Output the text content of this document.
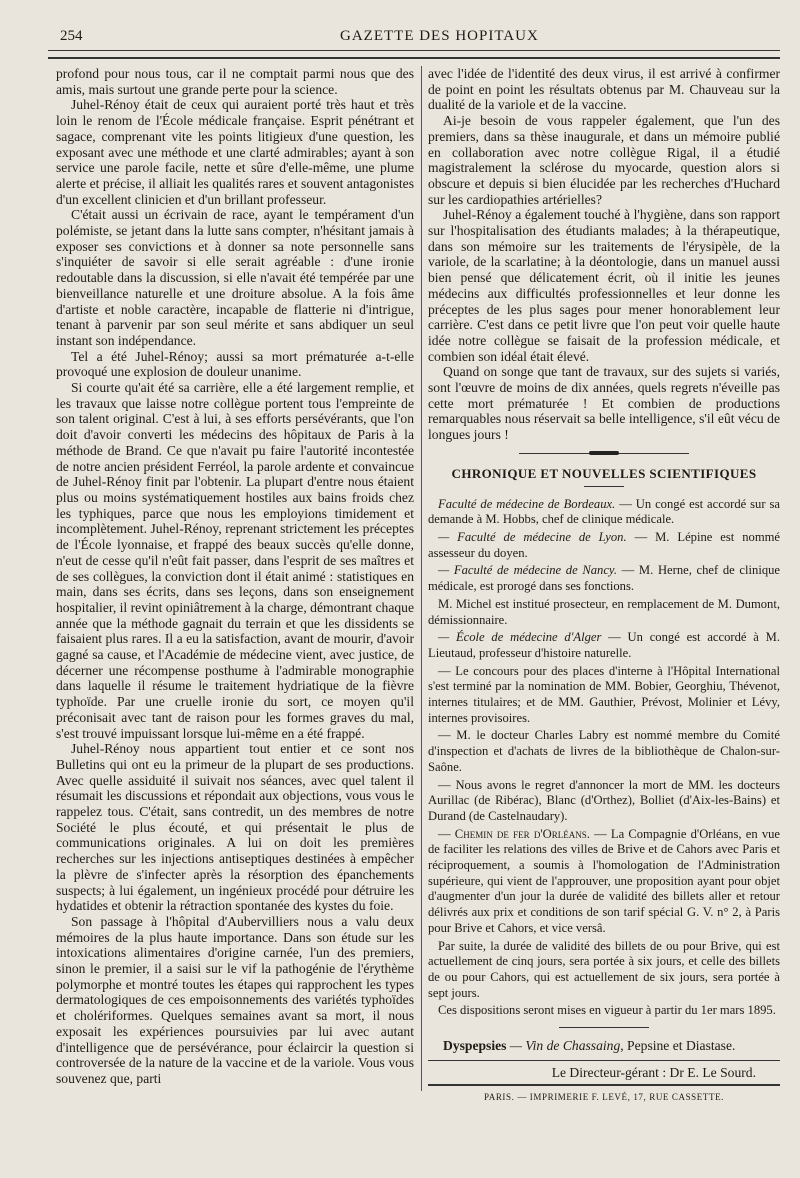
254	GAZETTE DES HOPITAUX

profond pour nous tous, car il ne comptait parmi nous que des amis, mais surtout une grande perte pour la science.

Juhel-Rénoy était de ceux qui auraient porté très haut et très loin le renom de l'École médicale française. Esprit pénétrant et sagace, comprenant vite les points litigieux d'une question, les exposant avec une méthode et une clarté admirables; ayant à son service une parole facile, nette et sûre d'elle-même, une plume alerte et précise, il alliait les qualités rares et souvent antagonistes d'un excellent clinicien et d'un brillant professeur.

C'était aussi un écrivain de race, ayant le tempérament d'un polémiste, se jetant dans la lutte sans compter, n'hésitant jamais à exposer ses convictions et à donner sa note personnelle sans s'inquiéter de savoir si elle serait agréable : d'une ironie redoutable dans la discussion, si elle n'avait été tempérée par une bienveillance naturelle et une droiture absolue. A la fois âme d'artiste et noble caractère, incapable de flatterie ni d'intrigue, tenant à parvenir par son seul mérite et sans abdiquer un seul instant son indépendance.

Tel a été Juhel-Rénoy; aussi sa mort prématurée a-t-elle provoqué une explosion de douleur unanime.

Si courte qu'ait été sa carrière, elle a été largement remplie, et les travaux que laisse notre collègue portent tous l'empreinte de son talent original. C'est à lui, à ses efforts persévérants, que l'on doit d'avoir converti les médecins des hôpitaux de Paris à la méthode de Brand. Ce que n'avait pu faire l'autorité incontestée de notre ancien président Ferréol, la parole ardente et convaincue de Juhel-Rénoy finit par l'obtenir. La plupart d'entre nous étaient plus ou moins systématiquement hostiles aux bains froids chez les typhiques, parce que nous les employions timidement et incomplètement. Juhel-Rénoy, reprenant strictement les préceptes de l'École lyonnaise, et frappé des beaux succès qu'elle donne, n'eut de cesse qu'il n'eût fait passer, dans l'esprit de ses maîtres et de ses collègues, la conviction dont il était animé : statistiques en main, dans ses écrits, dans ses leçons, dans son enseignement hospitalier, il revint opiniâtrement à la charge, démontrant chaque année que la méthode gagnait du terrain et que les dissidents se faisaient plus rares. Il a eu la satisfaction, avant de mourir, d'avoir gagné sa cause, et l'Académie de médecine vient, avec justice, de décerner une récompense posthume à l'admirable monographie dans laquelle il résume le traitement hydriatique de la fièvre typhoïde. Par une cruelle ironie du sort, ce moyen qu'il préconisait avec tant de raison pour les formes graves du mal, s'est trouvé impuissant lorsque lui-même en a été frappé.

Juhel-Rénoy nous appartient tout entier et ce sont nos Bulletins qui ont eu la primeur de la plupart de ses productions. Avec quelle assiduité il suivait nos séances, avec quel talent il résumait les discussions et répondait aux objections, vous vous le rappelez tous. C'était, sans contredit, un des membres de notre Société le plus écouté, et qui présentait le plus de communications originales. A lui on doit les premières recherches sur les injections antiseptiques destinées à empêcher la plèvre de s'infecter après la résorption des épanchements suspects; à lui également, un ingénieux procédé pour détruire les hydatides et obtenir la rétraction spontanée des kystes du foie.

Son passage à l'hôpital d'Aubervilliers nous a valu deux mémoires de la plus haute importance. Dans son étude sur les intoxications alimentaires d'origine carnée, l'un des premiers, sinon le premier, il a saisi sur le vif la pathogénie de l'érythème polymorphe et montré toutes les étapes qui rapprochent les types dermatologiques de ces empoisonnements des variétés typhoïdes et cholériformes. Quelques semaines avant sa mort, il nous exposait les expériences poursuivies par lui avec autant d'intelligence que de persévérance, pour éclaircir la question si controversée de la nature de la vaccine et de la variole. Vous vous souvenez que, parti

avec l'idée de l'identité des deux virus, il est arrivé à confirmer de point en point les résultats obtenus par M. Chauveau sur la dualité de la variole et de la vaccine.

Ai-je besoin de vous rappeler également, que l'un des premiers, dans sa thèse inaugurale, et dans un mémoire publié en collaboration avec notre collègue Rigal, il a étudié magistralement la sclérose du myocarde, question alors si obscure et depuis si bien élucidée par les recherches d'Huchard sur les cardiopathies artérielles?

Juhel-Rénoy a également touché à l'hygiène, dans son rapport sur l'hospitalisation des étudiants malades; à la thérapeutique, dans son mémoire sur les traitements de l'érysipèle, de la variole, de la scarlatine; à la déontologie, dans un manuel aussi bien pensé que délicatement écrit, où il initie les jeunes médecins aux difficultés professionnelles et leur donne les préceptes de les plus sages pour mener honorablement leur carrière. C'est dans ce petit livre que l'on peut voir quelle haute idée notre collègue se faisait de la profession médicale, et combien son idéal était élevé.

Quand on songe que tant de travaux, sur des sujets si variés, sont l'œuvre de moins de dix années, quels regrets n'éveille pas cette mort prématurée ! Et combien de productions remarquables nous réservait sa belle intelligence, s'il eût vécu de longues jours !

CHRONIQUE ET NOUVELLES SCIENTIFIQUES

Faculté de médecine de Bordeaux. — Un congé est accordé sur sa demande à M. Hobbs, chef de clinique médicale.

— Faculté de médecine de Lyon. — M. Lépine est nommé assesseur du doyen.

— Faculté de médecine de Nancy. — M. Herne, chef de clinique médicale, est prorogé dans ses fonctions.

M. Michel est institué prosecteur, en remplacement de M. Dumont, démissionnaire.

— École de médecine d'Alger — Un congé est accordé à M. Lieutaud, professeur d'histoire naturelle.

— Le concours pour des places d'interne à l'Hôpital International s'est terminé par la nomination de MM. Bobier, Georghiu, Thévenot, internes titulaires; et de MM. Gauthier, Prévost, Molinier et Lévy, internes provisoires.

— M. le docteur Charles Labry est nommé membre du Comité d'inspection et d'achats de livres de la bibliothèque de Chalon-sur-Saône.

— Nous avons le regret d'annoncer la mort de MM. les docteurs Aurillac (de Ribérac), Blanc (d'Orthez), Bolliet (d'Aix-les-Bains) et Durand (de Castelnaudary).

— Chemin de fer d'Orléans. — La Compagnie d'Orléans, en vue de faciliter les relations des villes de Brive et de Cahors avec Paris et réciproquement, a soumis à l'homologation de l'Administration supérieure, qui vient de l'approuver, une proposition ayant pour objet d'augmenter d'un jour la durée de validité des billets aller et retour délivrés aux prix et conditions de son tarif spécial G. V. n° 2, à Paris pour Brive et Cahors, et vice versâ.

Par suite, la durée de validité des billets de ou pour Brive, qui est actuellement de cinq jours, sera portée à six jours, et celle des billets de ou pour Cahors, qui est actuellement de six jours, sera portée à sept jours.

Ces dispositions seront mises en vigueur à partir du 1er mars 1895.

Dyspepsies — Vin de Chassaing, Pepsine et Diastase.

Le Directeur-gérant : Dr E. Le Sourd.
PARIS. — IMPRIMERIE F. LEVÉ, 17, RUE CASSETTE.
